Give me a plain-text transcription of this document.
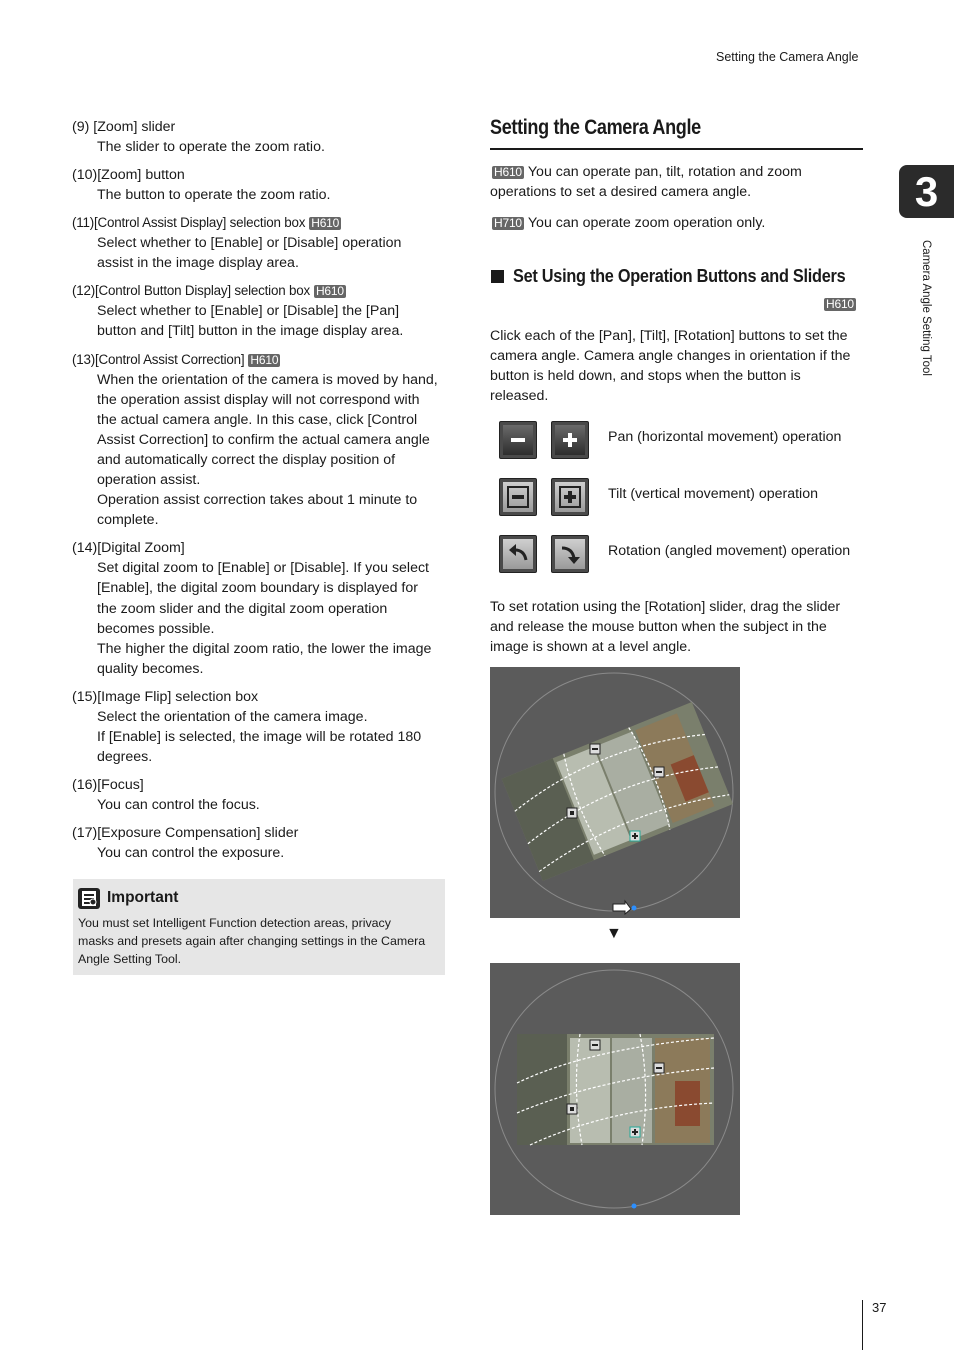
Setting the Camera Angle
3
Camera Angle Setting Tool
(9) [Zoom] slider
The slider to operate the zoom ratio.
(10)[Zoom] button
The button to operate the zoom ratio.
(11)[Control Assist Display] selection box H610
Select whether to [Enable] or [Disable] operation
assist in the image display area.
(12)[Control Button Display] selection box H610
Select whether to [Enable] or [Disable] the [Pan]
button and [Tilt] button in the image display area.
(13)[Control Assist Correction] H610
When the orientation of the camera is moved by hand,
the operation assist display will not correspond with
the actual camera angle. In this case, click [Control
Assist Correction] to confirm the actual camera angle
and automatically correct the display position of
operation assist.
Operation assist correction takes about 1 minute to
complete.
(14)[Digital Zoom]
Set digital zoom to [Enable] or [Disable]. If you select
[Enable], the digital zoom boundary is displayed for
the zoom slider and the digital zoom operation
becomes possible.
The higher the digital zoom ratio, the lower the image
quality becomes.
(15)[Image Flip] selection box
Select the orientation of the camera image.
If [Enable] is selected, the image will be rotated 180
degrees.
(16)[Focus]
You can control the focus.
(17)[Exposure Compensation] slider
You can control the exposure.
Important
You must set Intelligent Function detection areas, privacy
masks and presets again after changing settings in the Camera
Angle Setting Tool.
Setting the Camera Angle
H610 You can operate pan, tilt, rotation and zoom
operations to set a desired camera angle.
H710 You can operate zoom operation only.
Set Using the Operation Buttons and Sliders
H610
Click each of the [Pan], [Tilt], [Rotation] buttons to set the
camera angle. Camera angle changes in orientation if the
button is held down, and stops when the button is
released.
Pan (horizontal movement) operation
Tilt (vertical movement) operation
Rotation (angled movement) operation
To set rotation using the [Rotation] slider, drag the slider
and release the mouse button when the subject in the
image is shown at a level angle.
▼
37
